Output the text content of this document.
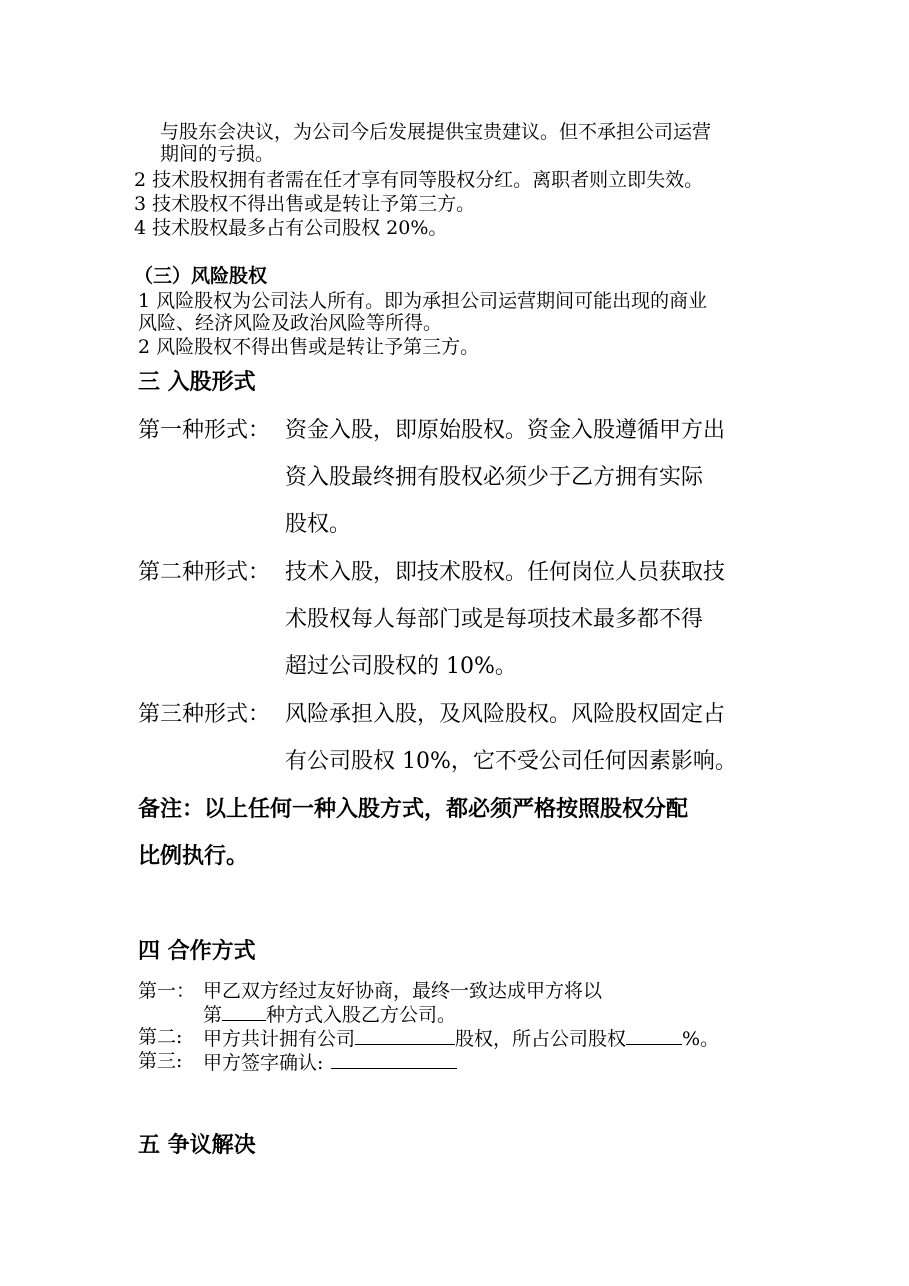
与股东会决议，为公司今后发展提供宝贵建议。但不承担公司运营
期间的亏损。
2 技术股权拥有者需在任才享有同等股权分红。离职者则立即失效。
3 技术股权不得出售或是转让予第三方。
4 技术股权最多占有公司股权 20%。
（三）风险股权
1 风险股权为公司法人所有。即为承担公司运营期间可能出现的商业
风险、经济风险及政治风险等所得。
2 风险股权不得出售或是转让予第三方。
三 入股形式
第一种形式： 资金入股，即原始股权。资金入股遵循甲方出
资入股最终拥有股权必须少于乙方拥有实际
股权。
第二种形式： 技术入股，即技术股权。任何岗位人员获取技
术股权每人每部门或是每项技术最多都不得
超过公司股权的 10%。
第三种形式： 风险承担入股，及风险股权。风险股权固定占
有公司股权 10%，它不受公司任何因素影响。
备注：以上任何一种入股方式，都必须严格按照股权分配
比例执行。
四 合作方式
第一： 甲乙双方经过友好协商，最终一致达成甲方将以
第 种方式入股乙方公司。
第二: 甲方共计拥有公司	股权，所占公司股权	%。
第三: 甲方签字确认:
五 争议解决
